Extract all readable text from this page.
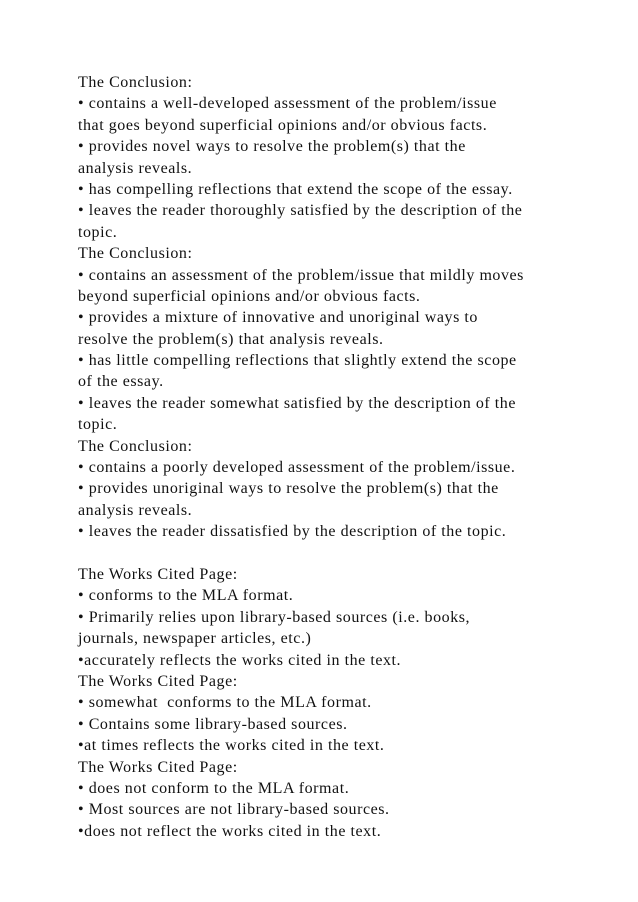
The Conclusion:
• contains a well-developed assessment of the problem/issue
that goes beyond superficial opinions and/or obvious facts.
• provides novel ways to resolve the problem(s) that the
analysis reveals.
• has compelling reflections that extend the scope of the essay.
• leaves the reader thoroughly satisfied by the description of the
topic.
The Conclusion:
• contains an assessment of the problem/issue that mildly moves
beyond superficial opinions and/or obvious facts.
• provides a mixture of innovative and unoriginal ways to
resolve the problem(s) that analysis reveals.
• has little compelling reflections that slightly extend the scope
of the essay.
• leaves the reader somewhat satisfied by the description of the
topic.
The Conclusion:
• contains a poorly developed assessment of the problem/issue.
• provides unoriginal ways to resolve the problem(s) that the
analysis reveals.
• leaves the reader dissatisfied by the description of the topic.
The Works Cited Page:
• conforms to the MLA format.
• Primarily relies upon library-based sources (i.e. books,
journals, newspaper articles, etc.)
•accurately reflects the works cited in the text.
The Works Cited Page:
• somewhat  conforms to the MLA format.
• Contains some library-based sources.
•at times reflects the works cited in the text.
The Works Cited Page:
• does not conform to the MLA format.
• Most sources are not library-based sources.
•does not reflect the works cited in the text.
